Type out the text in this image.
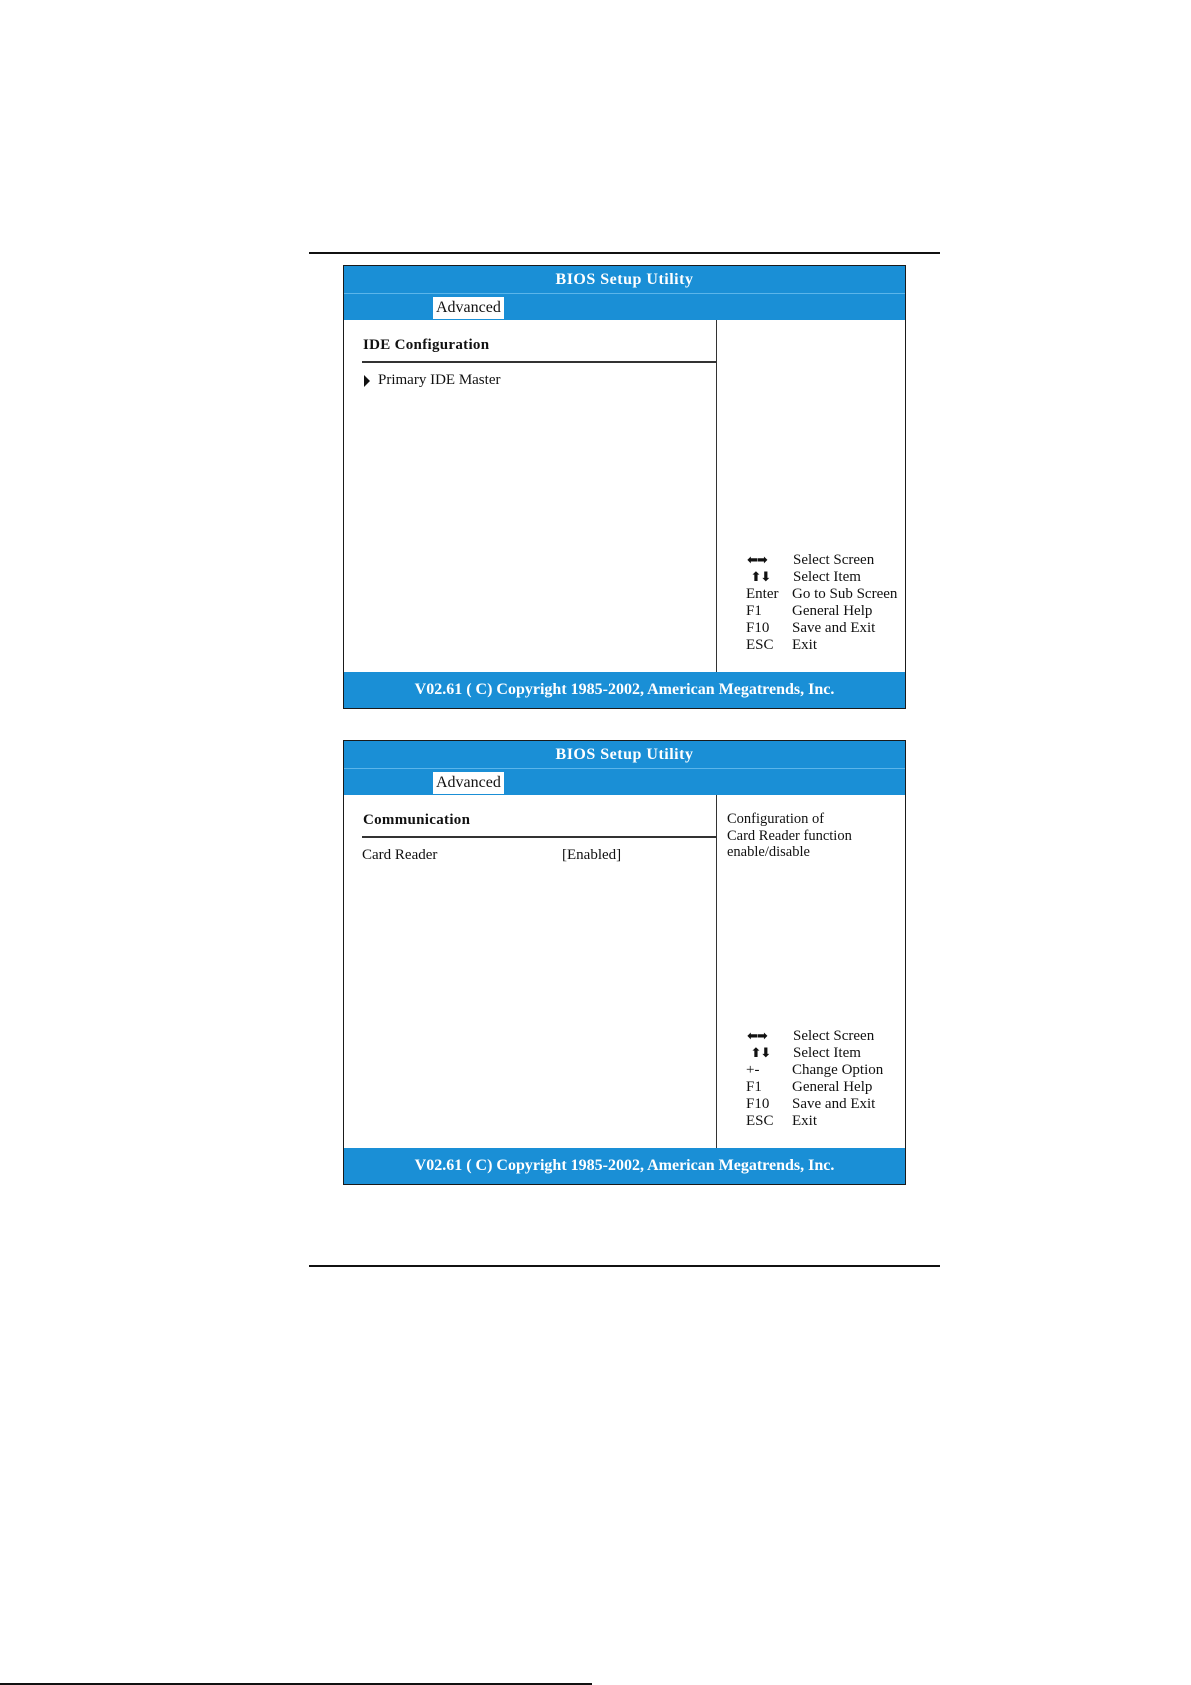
BIOS Setup Utility
Advanced
IDE Configuration
Primary IDE Master
⬅➡ Select Screen
⬆⬇ Select Item
Enter Go to Sub Screen
F1	General Help
F10	Save and Exit
ESC	Exit
V02.61 ( C) Copyright 1985-2002, American Megatrends, Inc.
BIOS Setup Utility
Advanced
Communication
Card Reader	[Enabled]
Configuration of
Card Reader function
enable/disable
⬅➡ Select Screen
⬆⬇ Select Item
+-	Change Option
F1	General Help
F10	Save and Exit
ESC	Exit
V02.61 ( C) Copyright 1985-2002, American Megatrends, Inc.
